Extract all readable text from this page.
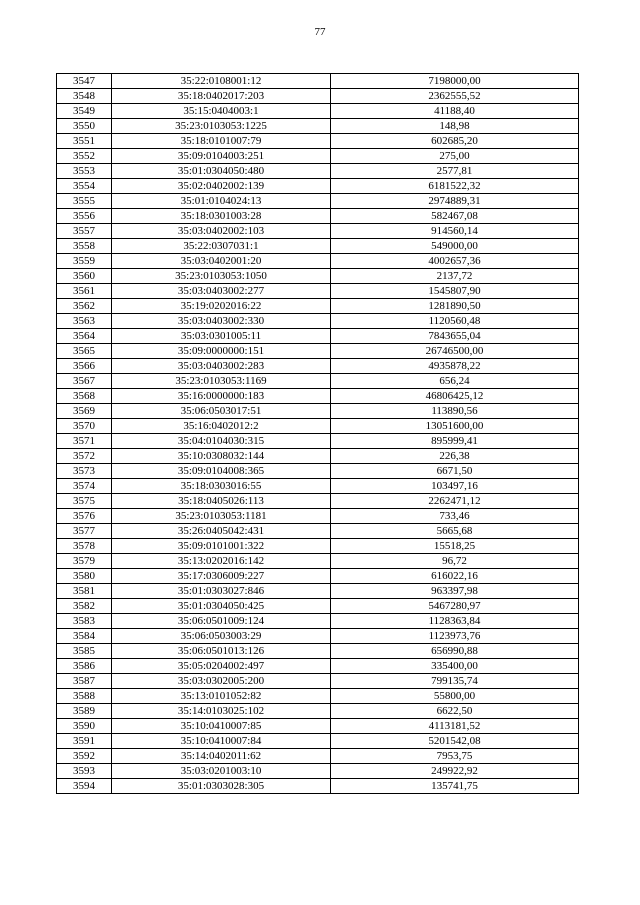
77
3547	35:22:0108001:12	7198000,00
3548	35:18:0402017:203	2362555,52
3549	35:15:0404003:1	41188,40
3550	35:23:0103053:1225	148,98
3551	35:18:0101007:79	602685,20
3552	35:09:0104003:251	275,00
3553	35:01:0304050:480	2577,81
3554	35:02:0402002:139	6181522,32
3555	35:01:0104024:13	2974889,31
3556	35:18:0301003:28	582467,08
3557	35:03:0402002:103	914560,14
3558	35:22:0307031:1	549000,00
3559	35:03:0402001:20	4002657,36
3560	35:23:0103053:1050	2137,72
3561	35:03:0403002:277	1545807,90
3562	35:19:0202016:22	1281890,50
3563	35:03:0403002:330	1120560,48
3564	35:03:0301005:11	7843655,04
3565	35:09:0000000:151	26746500,00
3566	35:03:0403002:283	4935878,22
3567	35:23:0103053:1169	656,24
3568	35:16:0000000:183	46806425,12
3569	35:06:0503017:51	113890,56
3570	35:16:0402012:2	13051600,00
3571	35:04:0104030:315	895999,41
3572	35:10:0308032:144	226,38
3573	35:09:0104008:365	6671,50
3574	35:18:0303016:55	103497,16
3575	35:18:0405026:113	2262471,12
3576	35:23:0103053:1181	733,46
3577	35:26:0405042:431	5665,68
3578	35:09:0101001:322	15518,25
3579	35:13:0202016:142	96,72
3580	35:17:0306009:227	616022,16
3581	35:01:0303027:846	963397,98
3582	35:01:0304050:425	5467280,97
3583	35:06:0501009:124	1128363,84
3584	35:06:0503003:29	1123973,76
3585	35:06:0501013:126	656990,88
3586	35:05:0204002:497	335400,00
3587	35:03:0302005:200	799135,74
3588	35:13:0101052:82	55800,00
3589	35:14:0103025:102	6622,50
3590	35:10:0410007:85	4113181,52
3591	35:10:0410007:84	5201542,08
3592	35:14:0402011:62	7953,75
3593	35:03:0201003:10	249922,92
3594	35:01:0303028:305	135741,75
